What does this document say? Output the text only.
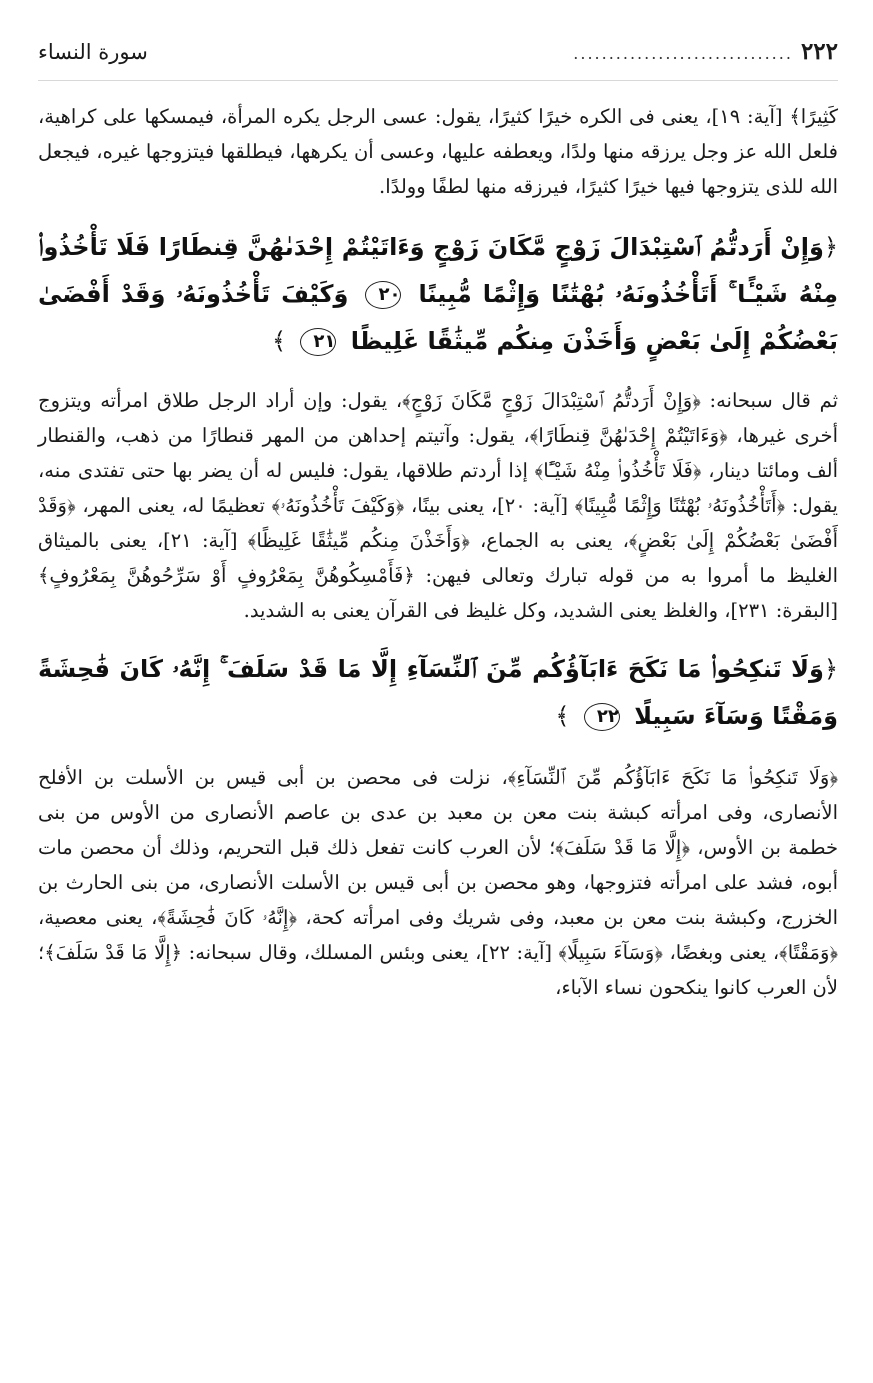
٢٢٢
...............................
سورة النساء

كَثِيرًا﴾ [آية: ١٩]، يعنى فى الكره خيرًا كثيرًا، يقول: عسى الرجل يكره المرأة، فيمسكها على كراهية، فلعل الله عز وجل يرزقه منها ولدًا، ويعطفه عليها، وعسى أن يكرهها، فيطلقها فيتزوجها غيره، فيجعل الله للذى يتزوجها فيها خيرًا كثيرًا، فيرزقه منها لطفًا وولدًا.

﴿وَإِنْ أَرَدتُّمُ ٱسْتِبْدَالَ زَوْجٍ مَّكَانَ زَوْجٍ وَءَاتَيْتُمْ إِحْدَىٰهُنَّ قِنطَارًا فَلَا تَأْخُذُوا۟ مِنْهُ شَيْـًٔا ۚ أَتَأْخُذُونَهُۥ بُهْتَٰنًا وَإِثْمًا مُّبِينًا ٢٠ وَكَيْفَ تَأْخُذُونَهُۥ وَقَدْ أَفْضَىٰ بَعْضُكُمْ إِلَىٰ بَعْضٍ وَأَخَذْنَ مِنكُم مِّيثَٰقًا غَلِيظًا ٢١ ﴾

ثم قال سبحانه: ﴿وَإِنْ أَرَدتُّمُ ٱسْتِبْدَالَ زَوْجٍ مَّكَانَ زَوْجٍ﴾، يقول: وإن أراد الرجل طلاق امرأته ويتزوج أخرى غيرها، ﴿وَءَاتَيْتُمْ إِحْدَىٰهُنَّ قِنطَارًا﴾، يقول: وآتيتم إحداهن من المهر قنطارًا من ذهب، والقنطار ألف ومائتا دينار، ﴿فَلَا تَأْخُذُوا۟ مِنْهُ شَيْـًٔا﴾ إذا أردتم طلاقها، يقول: فليس له أن يضر بها حتى تفتدى منه، يقول: ﴿أَتَأْخُذُونَهُۥ بُهْتَٰنًا وَإِثْمًا مُّبِينًا﴾ [آية: ٢٠]، يعنى بينًا، ﴿وَكَيْفَ تَأْخُذُونَهُۥ﴾ تعظيمًا له، يعنى المهر، ﴿وَقَدْ أَفْضَىٰ بَعْضُكُمْ إِلَىٰ بَعْضٍ﴾، يعنى به الجماع، ﴿وَأَخَذْنَ مِنكُم مِّيثَٰقًا غَلِيظًا﴾ [آية: ٢١]، يعنى بالميثاق الغليظ ما أمروا به من قوله تبارك وتعالى فيهن: ﴿فَأَمْسِكُوهُنَّ بِمَعْرُوفٍ أَوْ سَرِّحُوهُنَّ بِمَعْرُوفٍ﴾ [البقرة: ٢٣١]، والغلظ يعنى الشديد، وكل غليظ فى القرآن يعنى به الشديد.

﴿وَلَا تَنكِحُوا۟ مَا نَكَحَ ءَابَآؤُكُم مِّنَ ٱلنِّسَآءِ إِلَّا مَا قَدْ سَلَفَ ۚ إِنَّهُۥ كَانَ فَٰحِشَةً وَمَقْتًا وَسَآءَ سَبِيلًا ٢٢ ﴾

﴿وَلَا تَنكِحُوا۟ مَا نَكَحَ ءَابَآؤُكُم مِّنَ ٱلنِّسَآءِ﴾، نزلت فى محصن بن أبى قيس بن الأسلت بن الأفلح الأنصارى، وفى امرأته كبشة بنت معن بن معبد بن عدى بن عاصم الأنصارى من الأوس من بنى خطمة بن الأوس، ﴿إِلَّا مَا قَدْ سَلَفَ﴾؛ لأن العرب كانت تفعل ذلك قبل التحريم، وذلك أن محصن مات أبوه، فشد على امرأته فتزوجها، وهو محصن بن أبى قيس بن الأسلت الأنصارى، من بنى الحارث بن الخزرج، وكبشة بنت معن بن معبد، وفى شريك وفى امرأته كحة، ﴿إِنَّهُۥ كَانَ فَٰحِشَةً﴾، يعنى معصية، ﴿وَمَقْتًا﴾، يعنى وبغضًا، ﴿وَسَآءَ سَبِيلًا﴾ [آية: ٢٢]، يعنى وبئس المسلك، وقال سبحانه: ﴿إِلَّا مَا قَدْ سَلَفَ﴾؛ لأن العرب كانوا ينكحون نساء الآباء،
